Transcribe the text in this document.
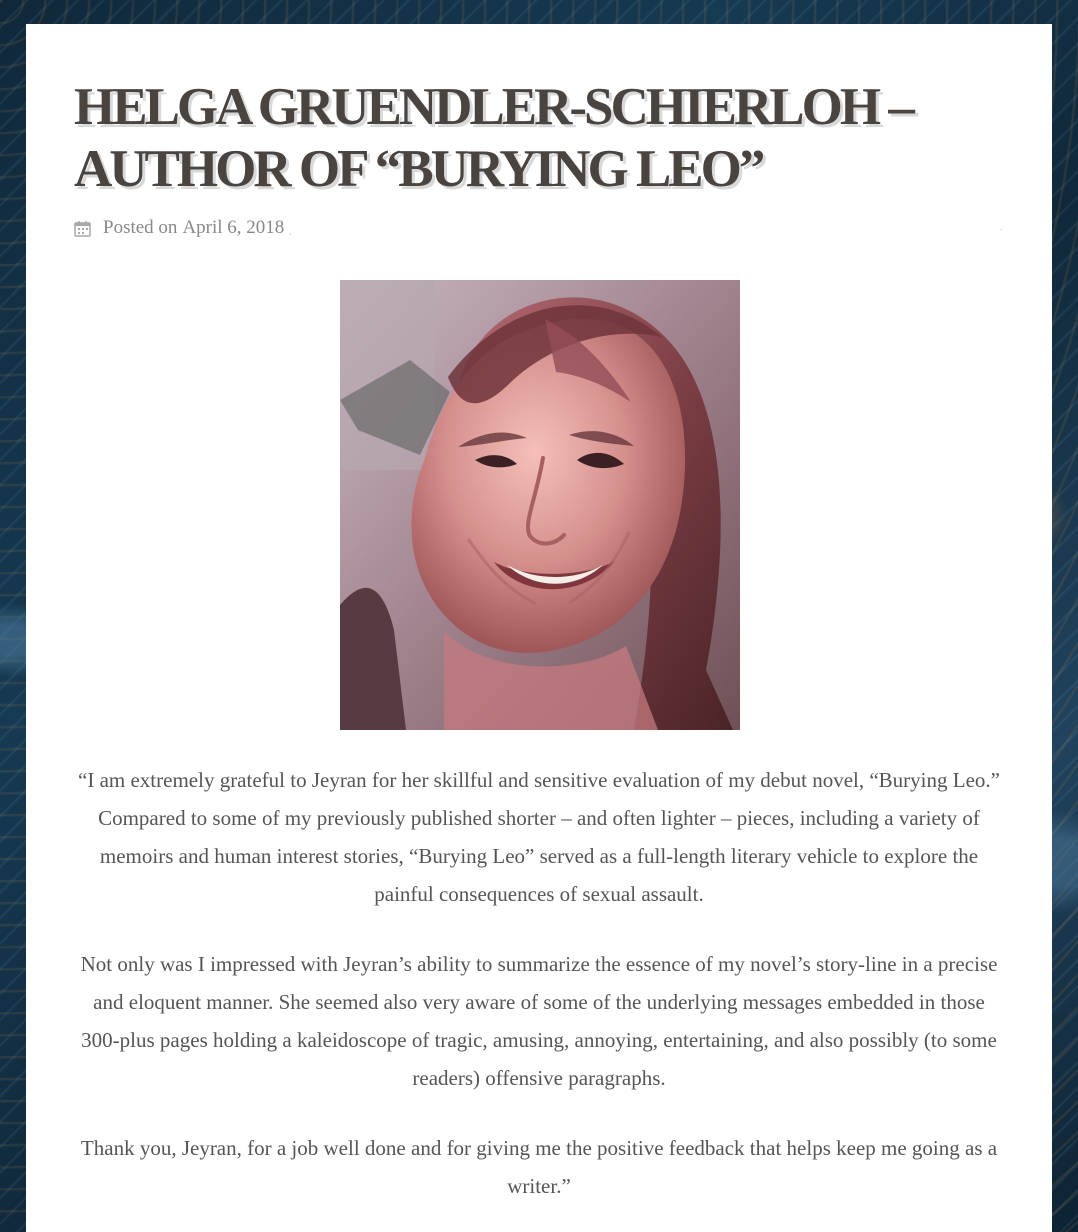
HELGA GRUENDLER-SCHIERLOH – AUTHOR OF “BURYING LEO”
Posted on April 6, 2018 .	.

“I am extremely grateful to Jeyran for her skillful and sensitive evaluation of my debut novel, “Burying Leo.” Compared to some of my previously published shorter – and often lighter – pieces, including a variety of memoirs and human interest stories, “Burying Leo” served as a full-length literary vehicle to explore the painful consequences of sexual assault.

Not only was I impressed with Jeyran’s ability to summarize the essence of my novel’s story-line in a precise and eloquent manner. She seemed also very aware of some of the underlying messages embedded in those 300-plus pages holding a kaleidoscope of tragic, amusing, annoying, entertaining, and also possibly (to some readers) offensive paragraphs.

Thank you, Jeyran, for a job well done and for giving me the positive feedback that helps keep me going as a writer.”
